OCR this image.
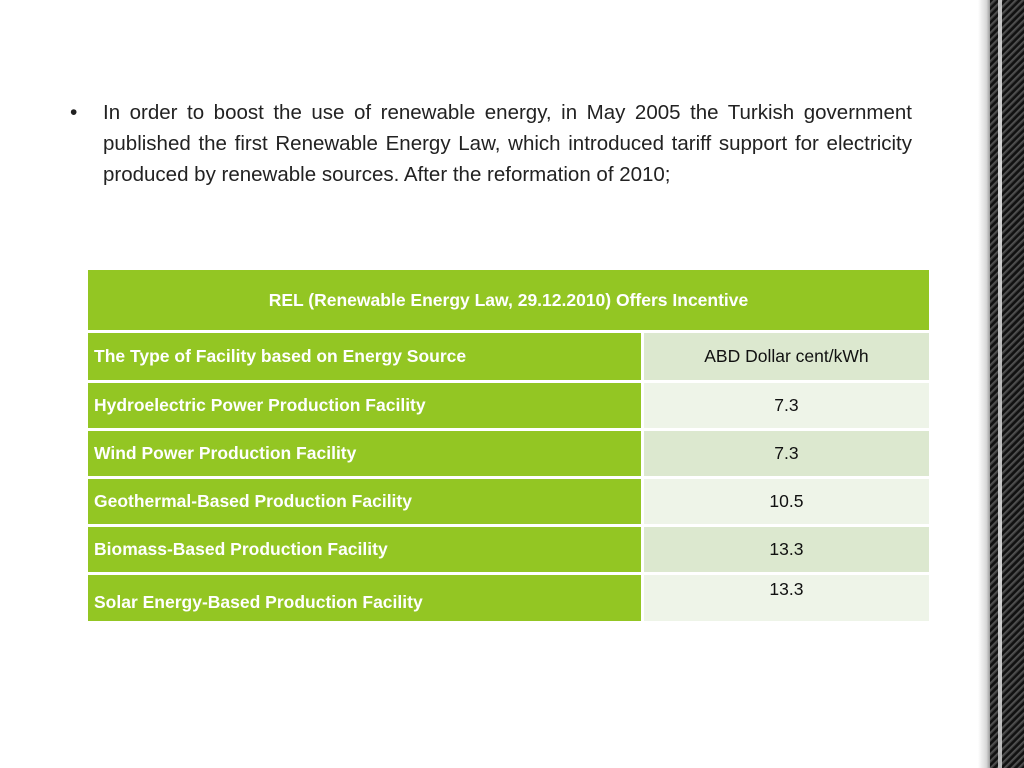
• In order to boost the use of renewable energy, in May 2005 the Turkish government published the first Renewable Energy Law, which introduced tariff support for electricity produced by renewable sources. After the reformation of 2010;
REL (Renewable Energy Law, 29.12.2010) Offers Incentive	
The Type of Facility based on Energy Source	ABD Dollar cent/kWh
Hydroelectric Power Production Facility	7.3
Wind Power Production Facility	7.3
Geothermal-Based Production Facility	10.5
Biomass-Based Production Facility	13.3
Solar Energy-Based Production Facility	13.3
